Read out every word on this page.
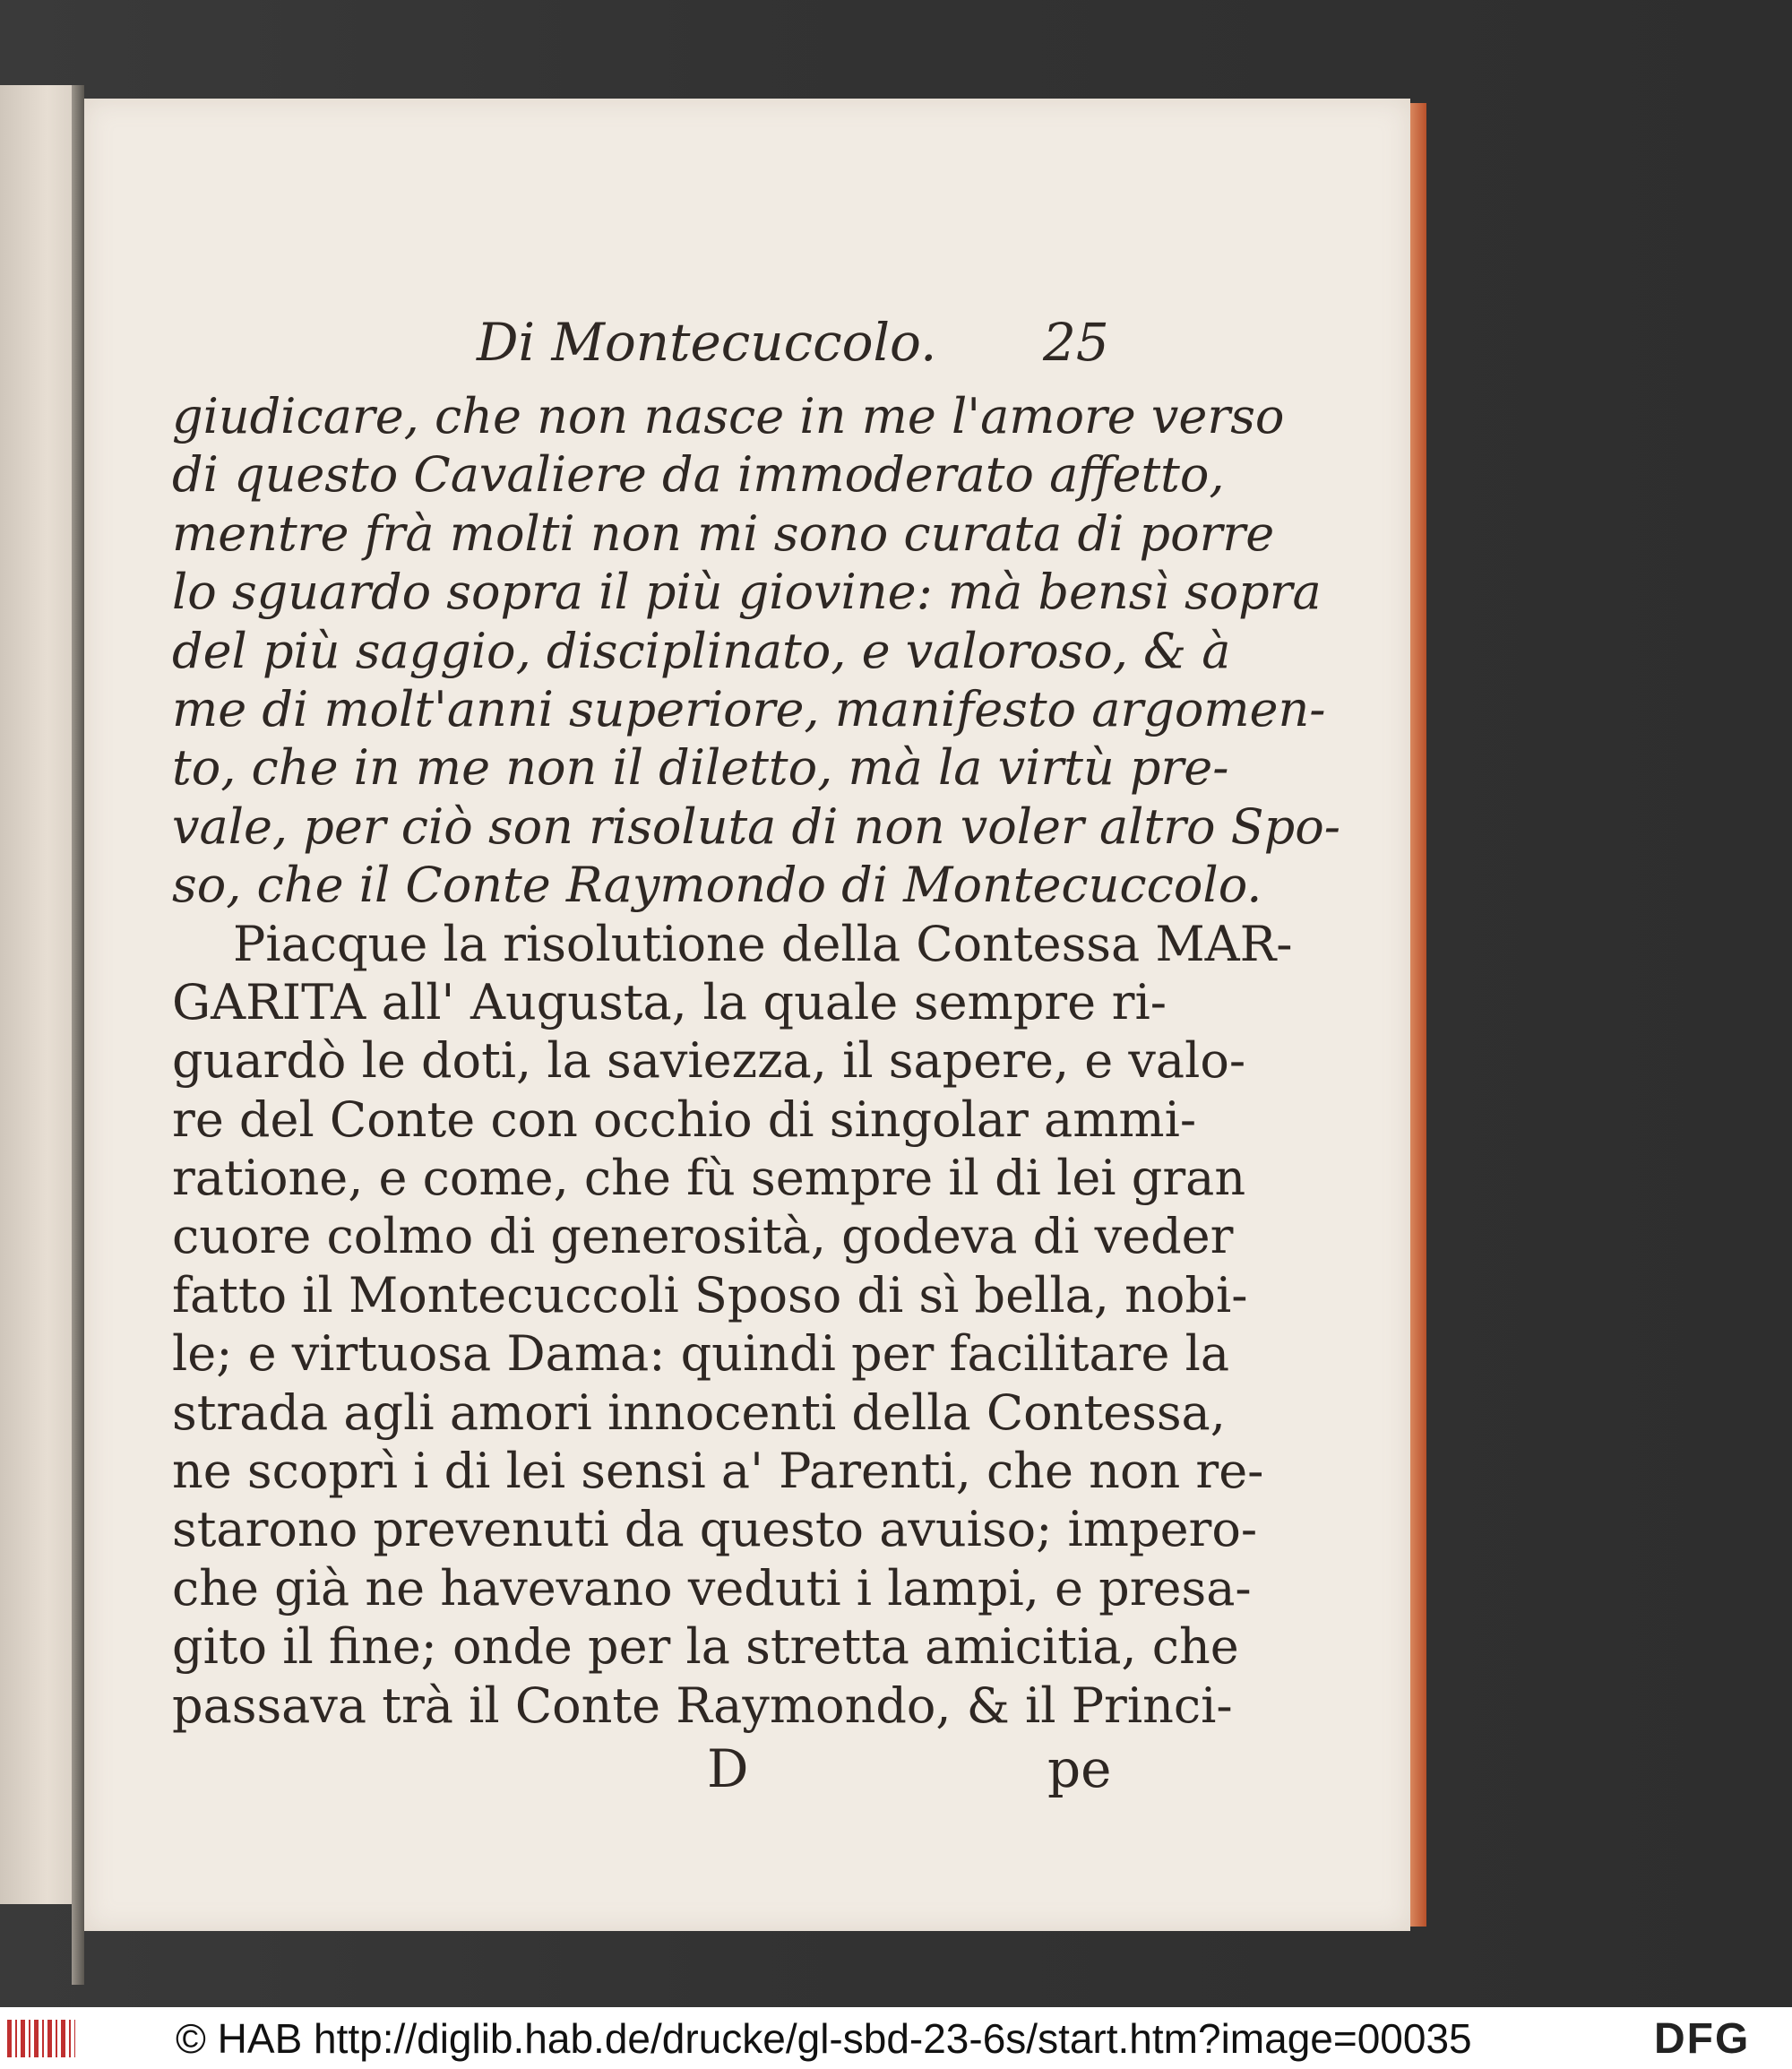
Di Montecuccolo. 25
giudicare, che non nasce in me l'amore verso
di questo Cavaliere da immoderato affetto,
mentre frà molti non mi sono curata di porre
lo sguardo sopra il più giovine: mà bensì sopra
del più saggio, disciplinato, e valoroso, & à
me di molt'anni superiore, manifesto argomen-
to, che in me non il diletto, mà la virtù pre-
vale, per ciò son risoluta di non voler altro Spo-
so, che il Conte Raymondo di Montecuccolo.
Piacque la risolutione della Contessa MAR-
GARITA all' Augusta, la quale sempre ri-
guardò le doti, la saviezza, il sapere, e valo-
re del Conte con occhio di singolar ammi-
ratione, e come, che fù sempre il di lei gran
cuore colmo di generosità, godeva di veder
fatto il Montecuccoli Sposo di sì bella, nobi-
le; e virtuosa Dama: quindi per facilitare la
strada agli amori innocenti della Contessa,
ne scoprì i di lei sensi a' Parenti, che non re-
starono prevenuti da questo avuiso; impero-
che già ne havevano veduti i lampi, e presa-
gito il fine; onde per la stretta amicitia, che
passava trà il Conte Raymondo, & il Princi-
D	pe
© HAB http://diglib.hab.de/drucke/gl-sbd-23-6s/start.htm?image=00035	DFG
